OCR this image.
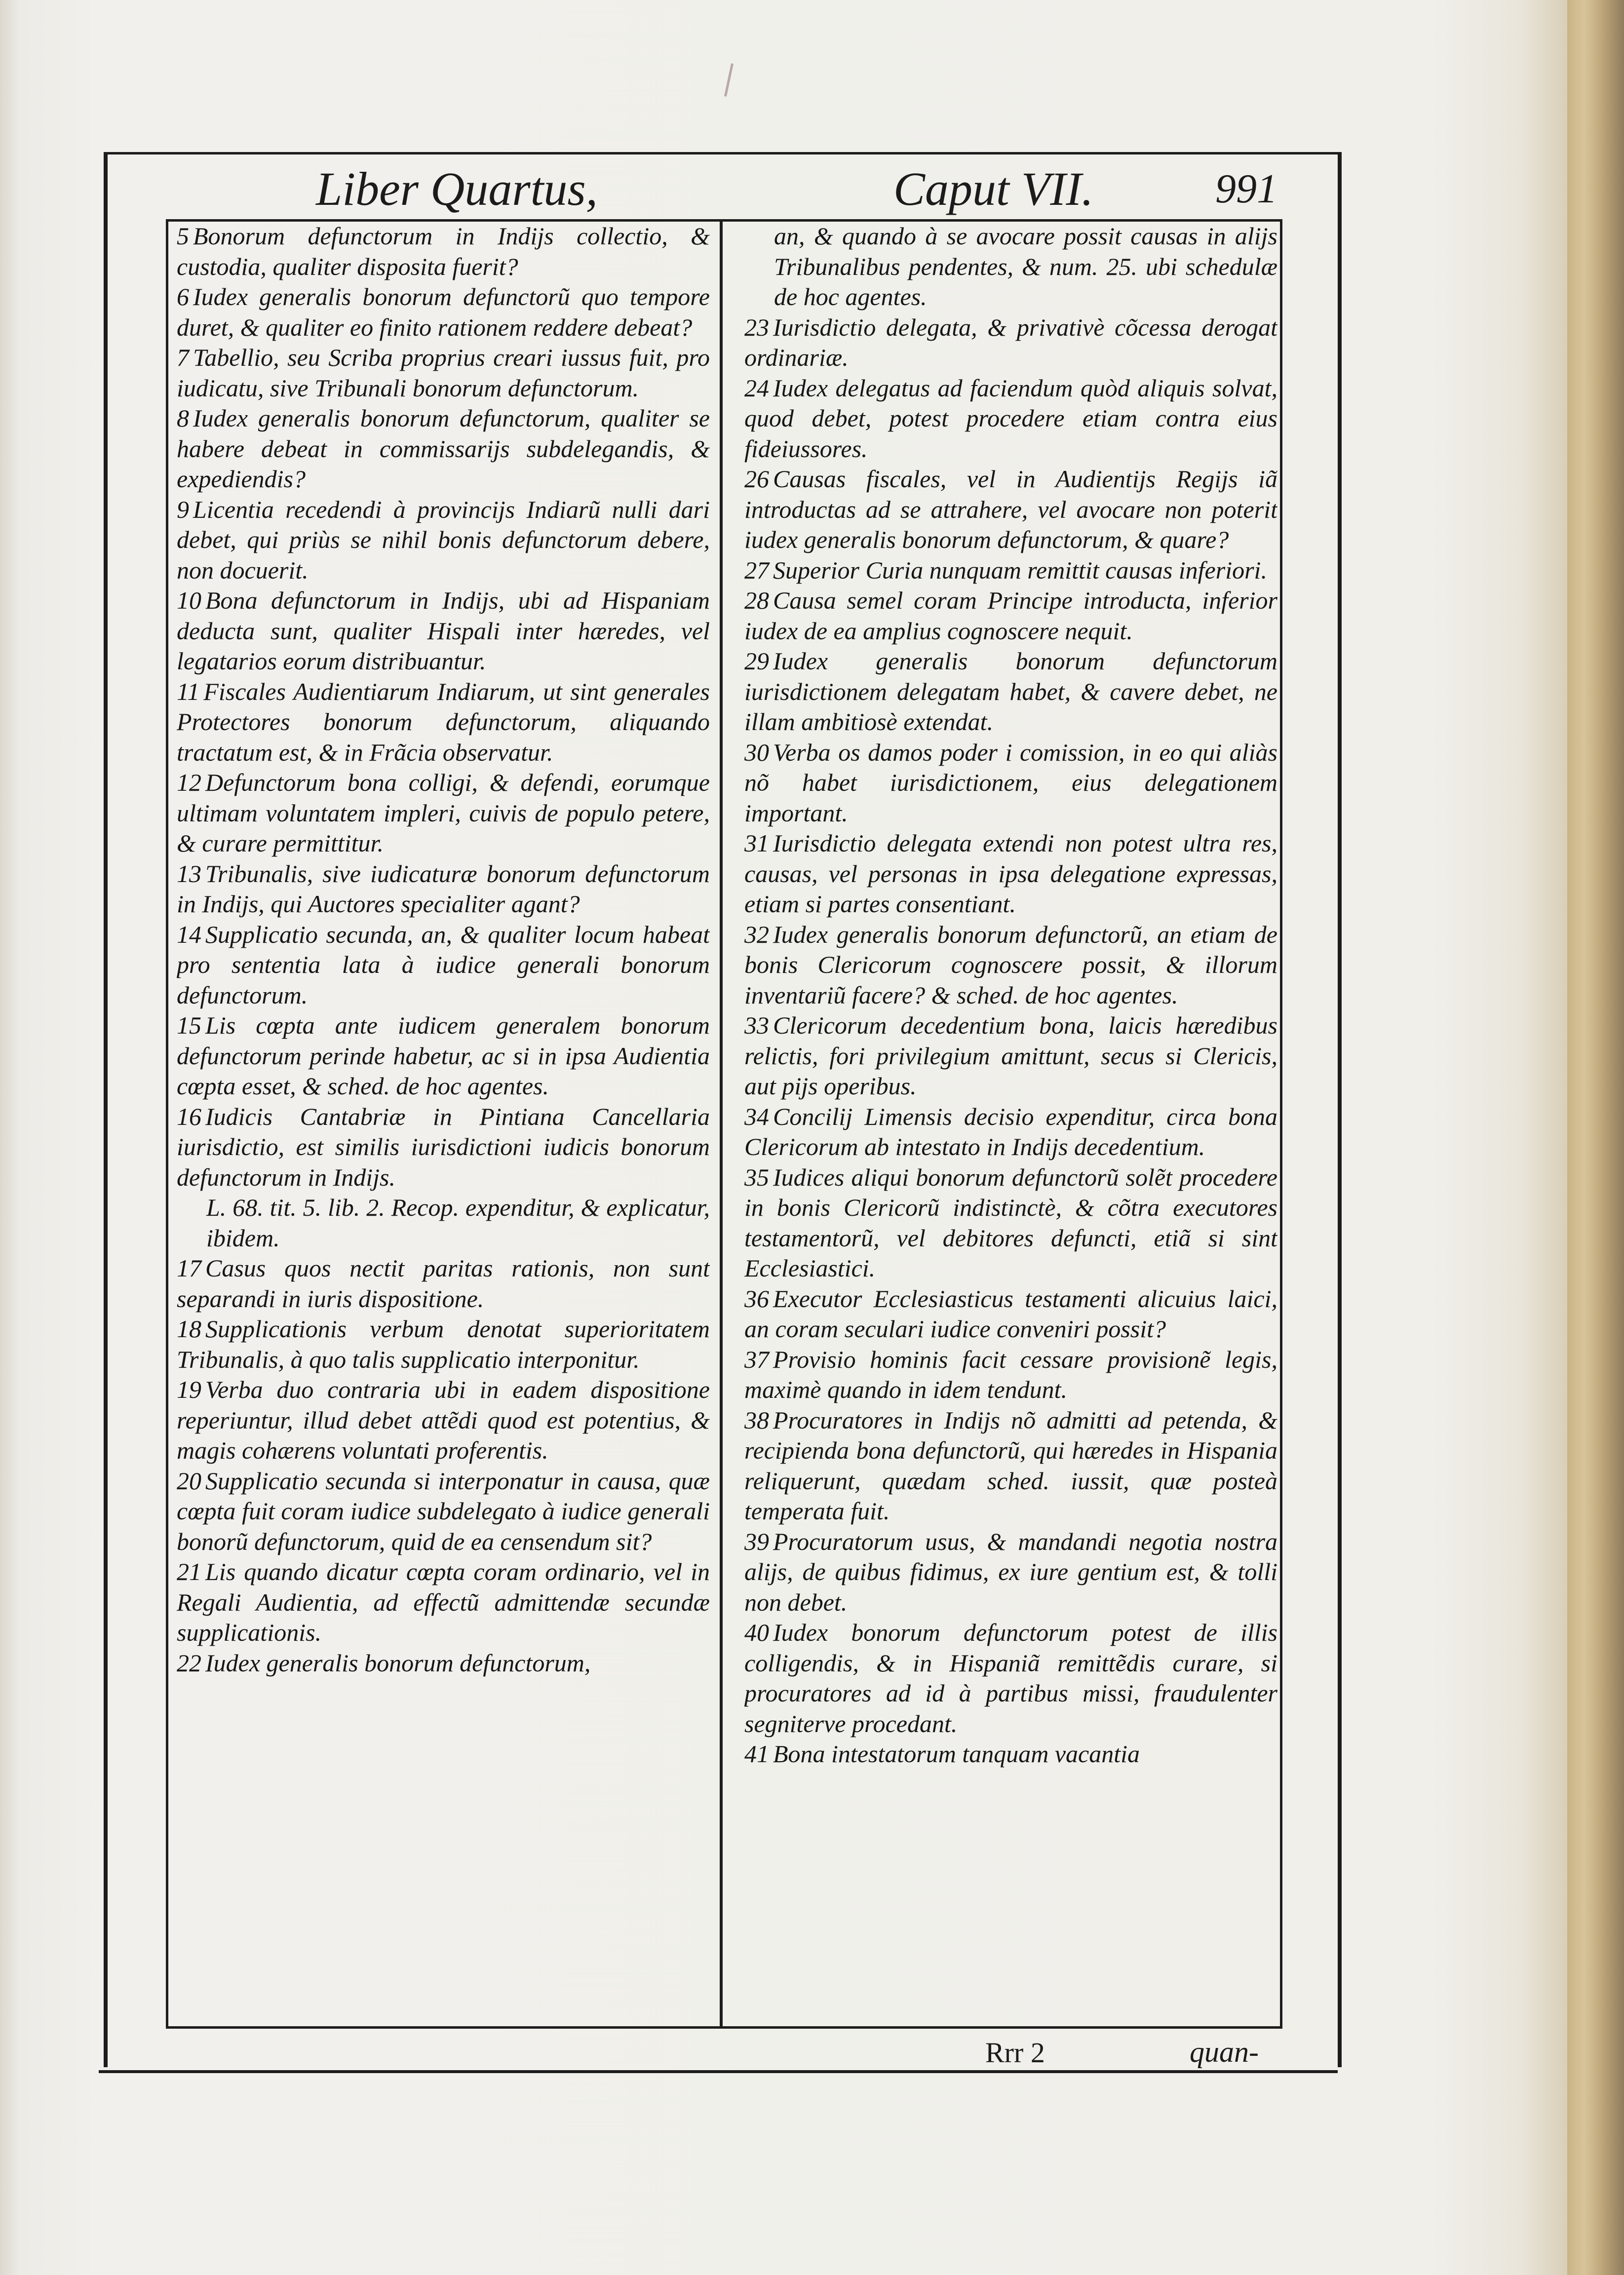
Liber Quartus,	Caput VII.	991

5 Bonorum defunctorum in Indijs collectio, & custodia, qualiter disposita fuerit?

6 Iudex generalis bonorum defunctorũ quo tempore duret, & qualiter eo finito rationem reddere debeat?

7 Tabellio, seu Scriba proprius creari iussus fuit, pro iudicatu, sive Tribunali bonorum defunctorum.

8 Iudex generalis bonorum defunctorum, qualiter se habere debeat in commissarijs subdelegandis, & expediendis?

9 Licentia recedendi à provincijs Indiarũ nulli dari debet, qui priùs se nihil bonis defunctorum debere, non docuerit.

10 Bona defunctorum in Indijs, ubi ad Hispaniam deducta sunt, qualiter Hispali inter hæredes, vel legatarios eorum distribuantur.

11 Fiscales Audientiarum Indiarum, ut sint generales Protectores bonorum defunctorum, aliquando tractatum est, & in Frãcia observatur.

12 Defunctorum bona colligi, & defendi, eorumque ultimam voluntatem impleri, cuivis de populo petere, & curare permittitur.

13 Tribunalis, sive iudicaturæ bonorum defunctorum in Indijs, qui Auctores specialiter agant?

14 Supplicatio secunda, an, & qualiter locum habeat pro sententia lata à iudice generali bonorum defunctorum.

15 Lis cœpta ante iudicem generalem bonorum defunctorum perinde habetur, ac si in ipsa Audientia cœpta esset, & sched. de hoc agentes.

16 Iudicis Cantabriæ in Pintiana Cancellaria iurisdictio, est similis iurisdictioni iudicis bonorum defunctorum in Indijs.

L. 68. tit. 5. lib. 2. Recop. expenditur, & explicatur, ibidem.

17 Casus quos nectit paritas rationis, non sunt separandi in iuris dispositione.

18 Supplicationis verbum denotat superioritatem Tribunalis, à quo talis supplicatio interponitur.

19 Verba duo contraria ubi in eadem dispositione reperiuntur, illud debet attẽdi quod est potentius, & magis cohærens voluntati proferentis.

20 Supplicatio secunda si interponatur in causa, quæ cœpta fuit coram iudice subdelegato à iudice generali bonorũ defunctorum, quid de ea censendum sit?

21 Lis quando dicatur cœpta coram ordinario, vel in Regali Audientia, ad effectũ admittendæ secundæ supplicationis.

22 Iudex generalis bonorum defunctorum,

an, & quando à se avocare possit causas in alijs Tribunalibus pendentes, & num. 25. ubi schedulæ de hoc agentes.

23 Iurisdictio delegata, & privativè cõcessa derogat ordinariæ.

24 Iudex delegatus ad faciendum quòd aliquis solvat, quod debet, potest procedere etiam contra eius fideiussores.

26 Causas fiscales, vel in Audientijs Regijs iã introductas ad se attrahere, vel avocare non poterit iudex generalis bonorum defunctorum, & quare?

27 Superior Curia nunquam remittit causas inferiori.

28 Causa semel coram Principe introducta, inferior iudex de ea amplius cognoscere nequit.

29 Iudex generalis bonorum defunctorum iurisdictionem delegatam habet, & cavere debet, ne illam ambitiosè extendat.

30 Verba os damos poder i comission, in eo qui aliàs nõ habet iurisdictionem, eius delegationem important.

31 Iurisdictio delegata extendi non potest ultra res, causas, vel personas in ipsa delegatione expressas, etiam si partes consentiant.

32 Iudex generalis bonorum defunctorũ, an etiam de bonis Clericorum cognoscere possit, & illorum inventariũ facere? & sched. de hoc agentes.

33 Clericorum decedentium bona, laicis hæredibus relictis, fori privilegium amittunt, secus si Clericis, aut pijs operibus.

34 Concilij Limensis decisio expenditur, circa bona Clericorum ab intestato in Indijs decedentium.

35 Iudices aliqui bonorum defunctorũ solẽt procedere in bonis Clericorũ indistinctè, & cõtra executores testamentorũ, vel debitores defuncti, etiã si sint Ecclesiastici.

36 Executor Ecclesiasticus testamenti alicuius laici, an coram seculari iudice conveniri possit?

37 Provisio hominis facit cessare provisionẽ legis, maximè quando in idem tendunt.

38 Procuratores in Indijs nõ admitti ad petenda, & recipienda bona defunctorũ, qui hæredes in Hispania reliquerunt, quædam sched. iussit, quæ posteà temperata fuit.

39 Procuratorum usus, & mandandi negotia nostra alijs, de quibus fidimus, ex iure gentium est, & tolli non debet.

40 Iudex bonorum defunctorum potest de illis colligendis, & in Hispaniã remittẽdis curare, si procuratores ad id à partibus missi, fraudulenter segniterve procedant.

41 Bona intestatorum tanquam vacantia

Rrr 2	quan-
